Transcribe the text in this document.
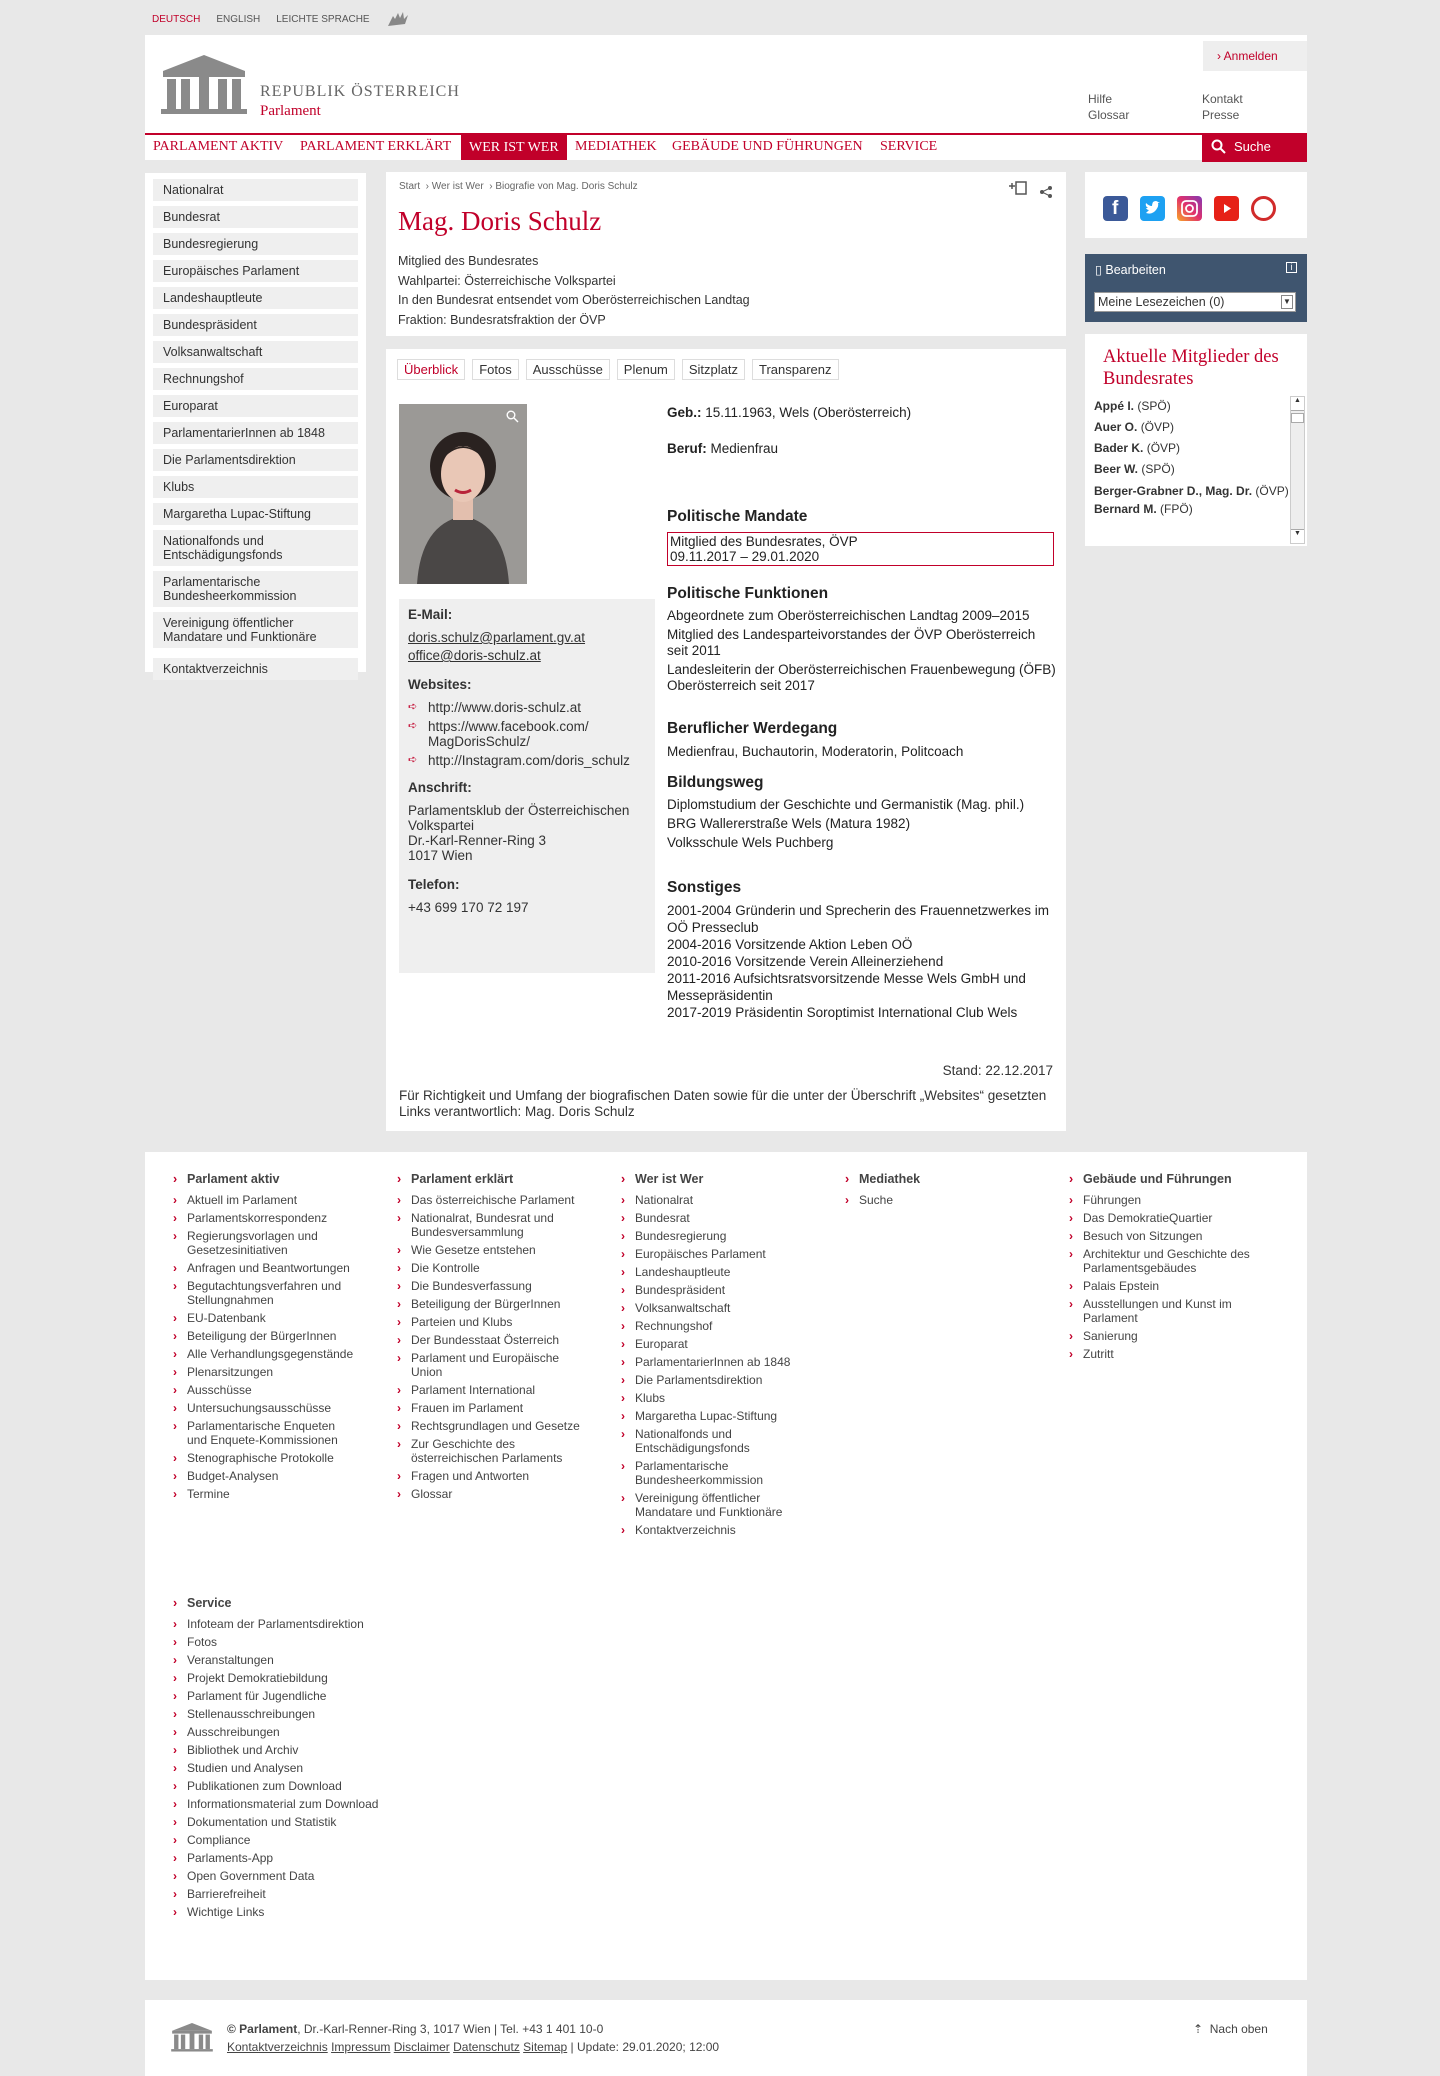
DEUTSCH ENGLISH LEICHTE SPRACHE
REPUBLIK ÖSTERREICH
Parlament
› Anmelden
Hilfe
Glossar
Kontakt
Presse
PARLAMENT AKTIV PARLAMENT ERKLÄRT	WER IST WER	MEDIATHEK GEBÄUDE UND FÜHRUNGEN SERVICE	Suche
Nationalrat
Bundesrat
Bundesregierung
Europäisches Parlament
Landeshauptleute
Bundespräsident
Volksanwaltschaft
Rechnungshof
Europarat
ParlamentarierInnen ab 1848
Die Parlamentsdirektion
Klubs
Margaretha Lupac-Stiftung
Nationalfonds und Entschädigungsfonds
Parlamentarische Bundesheerkommission
Vereinigung öffentlicher Mandatare und Funktionäre
Kontaktverzeichnis
Start  › Wer ist Wer  › Biografie von Mag. Doris Schulz
Mag. Doris Schulz
Mitglied des Bundesrates
Wahlpartei: Österreichische Volkspartei
In den Bundesrat entsendet vom Oberösterreichischen Landtag
Fraktion: Bundesratsfraktion der ÖVP
Überblick	Fotos	Ausschüsse	Plenum	Sitzplatz	Transparenz
E-Mail:
doris.schulz@parlament.gv.at
office@doris-schulz.at
Websites:
➪ http://www.doris-schulz.at
➪ https://www.facebook.com/ MagDorisSchulz/
➪ http://Instagram.com/doris_schulz
Anschrift:
Parlamentsklub der Österreichischen Volkspartei
Dr.-Karl-Renner-Ring 3
1017 Wien
Telefon:
+43 699 170 72 197
Geb.: 15.11.1963, Wels (Oberösterreich)
Beruf: Medienfrau
Politische Mandate
Mitglied des Bundesrates, ÖVP
09.11.2017 – 29.01.2020
Politische Funktionen

Abgeordnete zum Oberösterreichischen Landtag 2009–2015

Mitglied des Landesparteivorstandes der ÖVP Oberösterreich seit 2011

Landesleiterin der Oberösterreichischen Frauenbewegung (ÖFB) Oberösterreich seit 2017

Beruflicher Werdegang

Medienfrau, Buchautorin, Moderatorin, Politcoach

Bildungsweg

Diplomstudium der Geschichte und Germanistik (Mag. phil.)

BRG Wallererstraße Wels (Matura 1982)

Volksschule Wels Puchberg

Sonstiges
2001-2004 Gründerin und Sprecherin des Frauennetzwerkes im OÖ Presseclub
2004-2016 Vorsitzende Aktion Leben OÖ
2010-2016 Vorsitzende Verein Alleinerziehend
2011-2016 Aufsichtsratsvorsitzende Messe Wels GmbH und Messepräsidentin
2017-2019 Präsidentin Soroptimist International Club Wels
Stand: 22.12.2017
Für Richtigkeit und Umfang der biografischen Daten sowie für die unter der Überschrift „Websites“ gesetzten Links verantwortlich: Mag. Doris Schulz
f
▯ Bearbeiten	i
Meine Lesezeichen (0)	▼
Aktuelle Mitglieder des Bundesrates
Appé I. (SPÖ)
Auer O. (ÖVP)
Bader K. (ÖVP)
Beer W. (SPÖ)
Berger-Grabner D., Mag. Dr. (ÖVP)
Bernard M. (FPÖ)
▲
▼
› Parlament aktiv
› Aktuell im Parlament
› Parlamentskorrespondenz
› Regierungsvorlagen und Gesetzesinitiativen
› Anfragen und Beantwortungen
› Begutachtungsverfahren und Stellungnahmen
› EU-Datenbank
› Beteiligung der BürgerInnen
› Alle Verhandlungsgegenstände
› Plenarsitzungen
› Ausschüsse
› Untersuchungsausschüsse
› Parlamentarische Enqueten und Enquete-Kommissionen
› Stenographische Protokolle
› Budget-Analysen
› Termine
› Parlament erklärt
› Das österreichische Parlament
› Nationalrat, Bundesrat und Bundesversammlung
› Wie Gesetze entstehen
› Die Kontrolle
› Die Bundesverfassung
› Beteiligung der BürgerInnen
› Parteien und Klubs
› Der Bundesstaat Österreich
› Parlament und Europäische Union
› Parlament International
› Frauen im Parlament
› Rechtsgrundlagen und Gesetze
› Zur Geschichte des österreichischen Parlaments
› Fragen und Antworten
› Glossar
› Wer ist Wer
› Nationalrat
› Bundesrat
› Bundesregierung
› Europäisches Parlament
› Landeshauptleute
› Bundespräsident
› Volksanwaltschaft
› Rechnungshof
› Europarat
› ParlamentarierInnen ab 1848
› Die Parlamentsdirektion
› Klubs
› Margaretha Lupac-Stiftung
› Nationalfonds und Entschädigungsfonds
› Parlamentarische Bundesheerkommission
› Vereinigung öffentlicher Mandatare und Funktionäre
› Kontaktverzeichnis
› Mediathek
› Suche
› Gebäude und Führungen
› Führungen
› Das DemokratieQuartier
› Besuch von Sitzungen
› Architektur und Geschichte des Parlamentsgebäudes
› Palais Epstein
› Ausstellungen und Kunst im Parlament
› Sanierung
› Zutritt
› Service
› Infoteam der Parlamentsdirektion
› Fotos
› Veranstaltungen
› Projekt Demokratiebildung
› Parlament für Jugendliche
› Stellenausschreibungen
› Ausschreibungen
› Bibliothek und Archiv
› Studien und Analysen
› Publikationen zum Download
› Informationsmaterial zum Download
› Dokumentation und Statistik
› Compliance
› Parlaments-App
› Open Government Data
› Barrierefreiheit
› Wichtige Links
© Parlament, Dr.-Karl-Renner-Ring 3, 1017 Wien | Tel. +43 1 401 10-0
Kontaktverzeichnis Impressum Disclaimer Datenschutz Sitemap | Update: 29.01.2020; 12:00
⇡ Nach oben
